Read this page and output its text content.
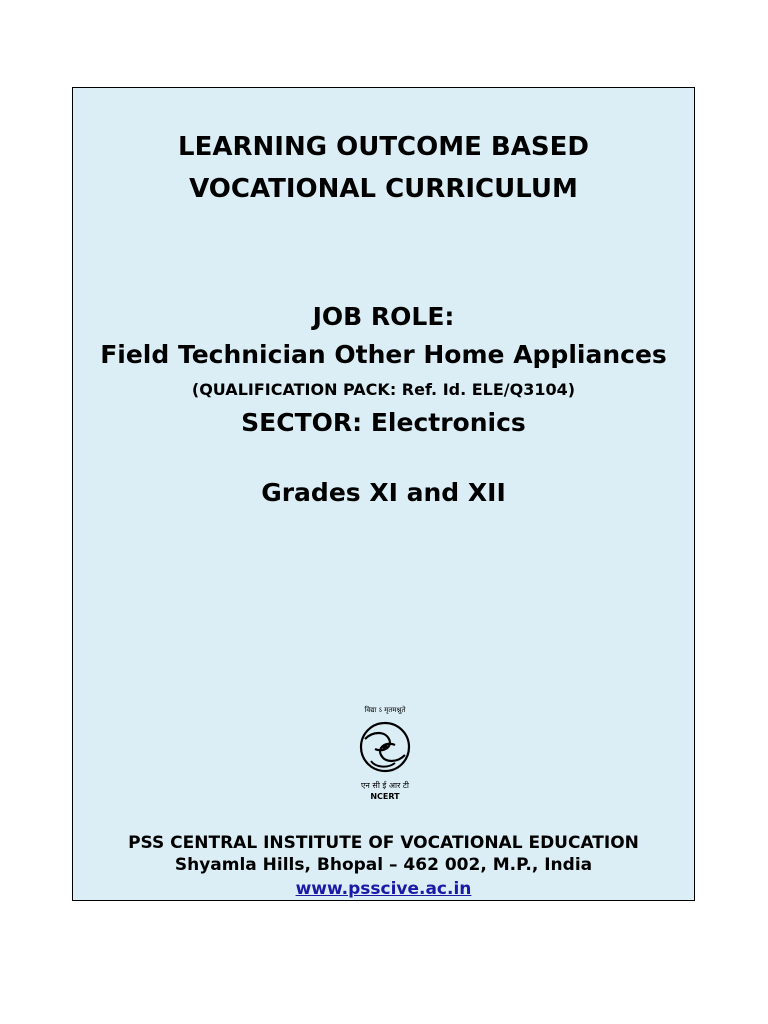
LEARNING OUTCOME BASED
VOCATIONAL CURRICULUM
JOB ROLE:
Field Technician Other Home Appliances
(QUALIFICATION PACK: Ref. Id. ELE/Q3104)
SECTOR: Electronics
Grades XI and XII
विद्या ऽ मृतमश्नुते
एन सी ई आर टी
NCERT
PSS CENTRAL INSTITUTE OF VOCATIONAL EDUCATION
Shyamla Hills, Bhopal – 462 002, M.P., India
www.psscive.ac.in
